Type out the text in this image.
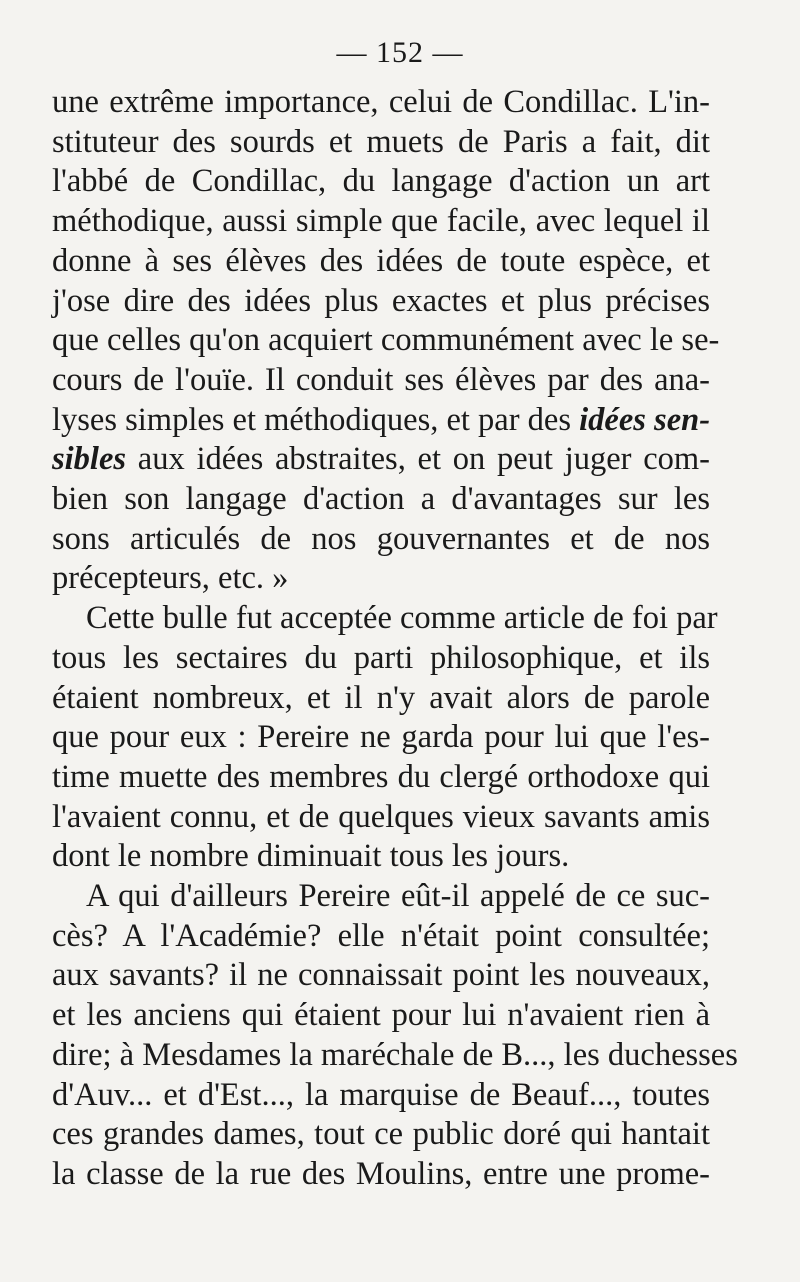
— 152 —
une extrême importance, celui de Condillac. L'in-
stituteur des sourds et muets de Paris a fait, dit
l'abbé de Condillac, du langage d'action un art
méthodique, aussi simple que facile, avec lequel il
donne à ses élèves des idées de toute espèce, et
j'ose dire des idées plus exactes et plus précises
que celles qu'on acquiert communément avec le se-
cours de l'ouïe. Il conduit ses élèves par des ana-
lyses simples et méthodiques, et par des idées sen-
sibles aux idées abstraites, et on peut juger com-
bien son langage d'action a d'avantages sur les
sons articulés de nos gouvernantes et de nos
précepteurs, etc. »
Cette bulle fut acceptée comme article de foi par
tous les sectaires du parti philosophique, et ils
étaient nombreux, et il n'y avait alors de parole
que pour eux : Pereire ne garda pour lui que l'es-
time muette des membres du clergé orthodoxe qui
l'avaient connu, et de quelques vieux savants amis
dont le nombre diminuait tous les jours.
A qui d'ailleurs Pereire eût-il appelé de ce suc-
cès? A l'Académie? elle n'était point consultée;
aux savants? il ne connaissait point les nouveaux,
et les anciens qui étaient pour lui n'avaient rien à
dire; à Mesdames la maréchale de B..., les duchesses
d'Auv... et d'Est..., la marquise de Beauf..., toutes
ces grandes dames, tout ce public doré qui hantait
la classe de la rue des Moulins, entre une prome-
